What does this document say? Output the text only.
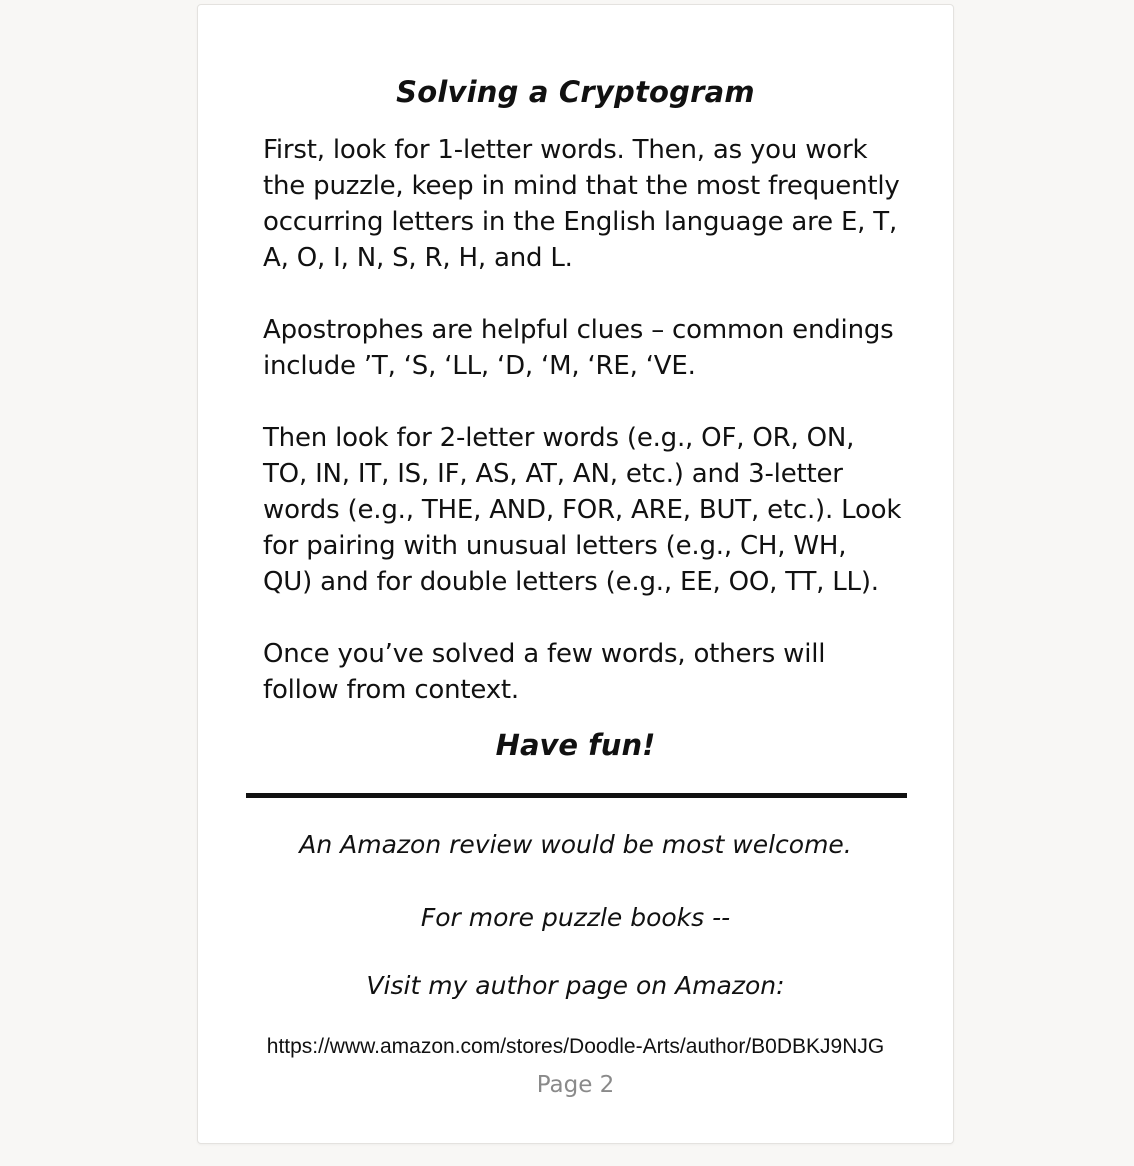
Solving a Cryptogram

First, look for 1-letter words. Then, as you work the puzzle, keep in mind that the most frequently occurring letters in the English language are E, T, A, O, I, N, S, R, H, and L.

Apostrophes are helpful clues – common endings include ’T, ‘S, ‘LL, ‘D, ‘M, ‘RE, ‘VE.

Then look for 2-letter words (e.g., OF, OR, ON, TO, IN, IT, IS, IF, AS, AT, AN, etc.) and 3-letter words (e.g., THE, AND, FOR, ARE, BUT, etc.). Look for pairing with unusual letters (e.g., CH, WH, QU) and for double letters (e.g., EE, OO, TT, LL).

Once you’ve solved a few words, others will follow from context.

Have fun!
An Amazon review would be most welcome.
For more puzzle books --
Visit my author page on Amazon:
https://www.amazon.com/stores/Doodle-Arts/author/B0DBKJ9NJG
Page 2
